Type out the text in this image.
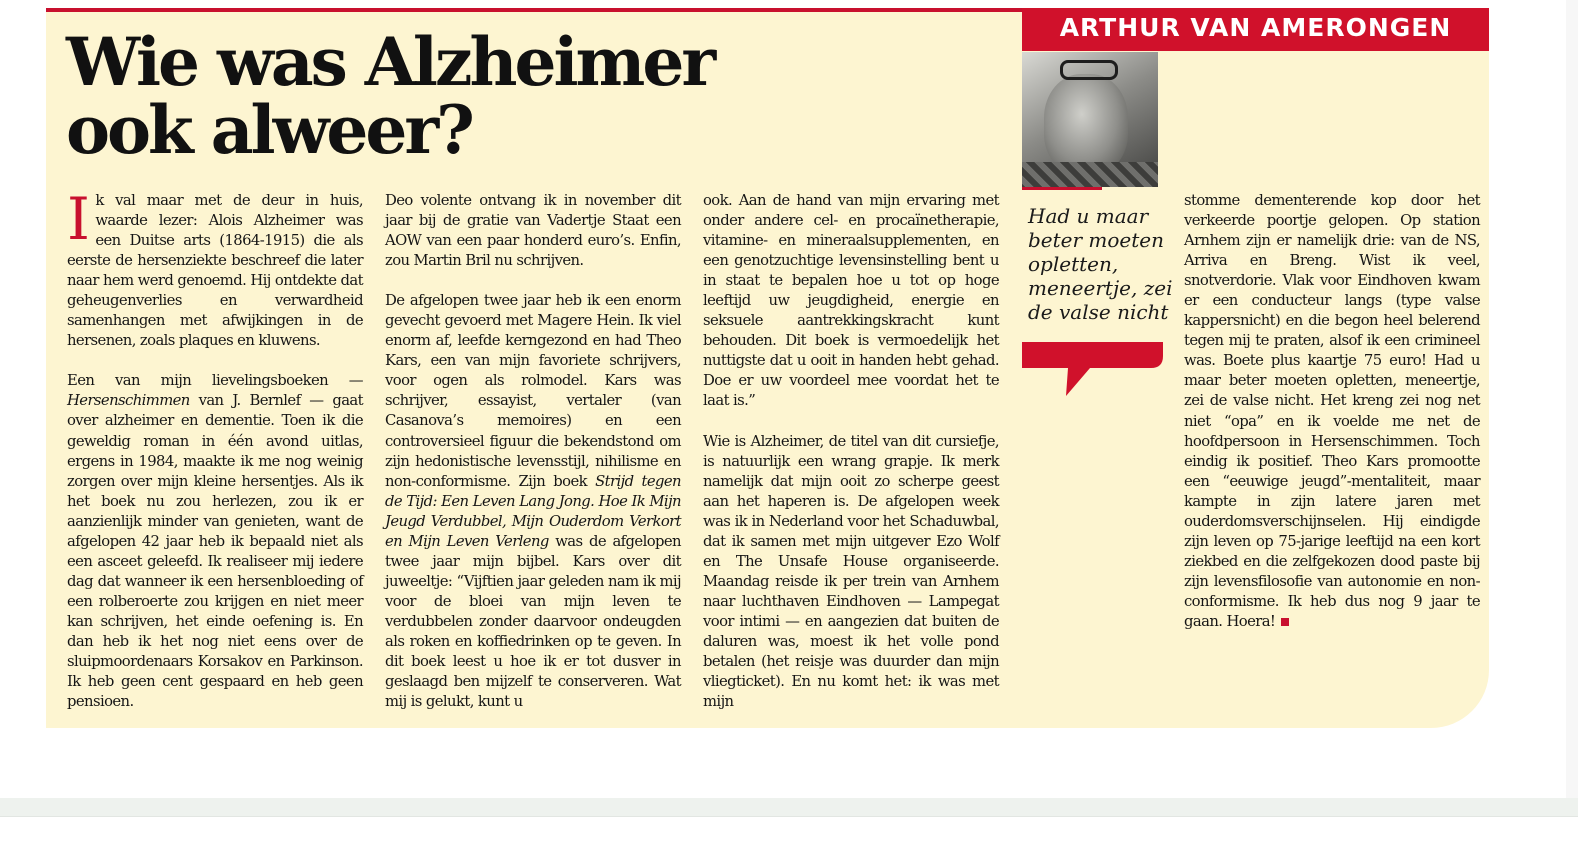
Wie was Alzheimer ook alweer?
ARTHUR VAN AMERONGEN

Had u maar beter moeten opletten, meneertje, zei de valse nicht

Ik val maar met de deur in huis, waarde lezer: Alois Alzheimer was een Duitse arts (1864-1915) die als eerste de hersenziekte beschreef die later naar hem werd genoemd. Hij ontdekte dat geheugenverlies en verwardheid samenhangen met afwijkingen in de hersenen, zoals plaques en kluwens.

Een van mijn lievelingsboeken — Hersenschimmen van J. Bernlef — gaat over alzheimer en dementie. Toen ik die geweldig roman in één avond uitlas, ergens in 1984, maakte ik me nog weinig zorgen over mijn kleine hersentjes. Als ik het boek nu zou herlezen, zou ik er aanzienlijk minder van genieten, want de afgelopen 42 jaar heb ik bepaald niet als een asceet geleefd. Ik realiseer mij iedere dag dat wanneer ik een hersenbloeding of een rolberoerte zou krijgen en niet meer kan schrijven, het einde oefening is. En dan heb ik het nog niet eens over de sluipmoordenaars Korsakov en Parkinson. Ik heb geen cent gespaard en heb geen pensioen.

Deo volente ontvang ik in november dit jaar bij de gratie van Vadertje Staat een AOW van een paar honderd euro’s. Enfin, zou Martin Bril nu schrijven.

De afgelopen twee jaar heb ik een enorm gevecht gevoerd met Magere Hein. Ik viel enorm af, leefde kerngezond en had Theo Kars, een van mijn favoriete schrijvers, voor ogen als rolmodel. Kars was schrijver, essayist, vertaler (van Casanova’s memoires) en een controversieel figuur die bekendstond om zijn hedonistische levensstijl, nihilisme en non-conformisme. Zijn boek Strijd tegen de Tijd: Een Leven Lang Jong. Hoe Ik Mijn Jeugd Verdubbel, Mijn Ouderdom Verkort en Mijn Leven Verleng was de afgelopen twee jaar mijn bijbel. Kars over dit juweeltje: “Vijftien jaar geleden nam ik mij voor de bloei van mijn leven te verdubbelen zonder daarvoor ondeugden als roken en koffiedrinken op te geven. In dit boek leest u hoe ik er tot dusver in geslaagd ben mijzelf te conserveren. Wat mij is gelukt, kunt u

ook. Aan de hand van mijn ervaring met onder andere cel- en procaïnetherapie, vitamine- en mineraalsupplementen, en een genotzuchtige levensinstelling bent u in staat te bepalen hoe u tot op hoge leeftijd uw jeugdigheid, energie en seksuele aantrekkingskracht kunt behouden. Dit boek is vermoedelijk het nuttigste dat u ooit in handen hebt gehad. Doe er uw voordeel mee voordat het te laat is.”

Wie is Alzheimer, de titel van dit cursiefje, is natuurlijk een wrang grapje. Ik merk namelijk dat mijn ooit zo scherpe geest aan het haperen is. De afgelopen week was ik in Nederland voor het Schaduwbal, dat ik samen met mijn uitgever Ezo Wolf en The Unsafe House organiseerde. Maandag reisde ik per trein van Arnhem naar luchthaven Eindhoven — Lampegat voor intimi — en aangezien dat buiten de daluren was, moest ik het volle pond betalen (het reisje was duurder dan mijn vliegticket). En nu komt het: ik was met mijn

stomme dementerende kop door het verkeerde poortje gelopen. Op station Arnhem zijn er namelijk drie: van de NS, Arriva en Breng. Wist ik veel, snotverdorie. Vlak voor Eindhoven kwam er een conducteur langs (type valse kappersnicht) en die begon heel belerend tegen mij te praten, alsof ik een crimineel was. Boete plus kaartje 75 euro! Had u maar beter moeten opletten, meneertje, zei de valse nicht. Het kreng zei nog net niet “opa” en ik voelde me net de hoofdpersoon in Hersenschimmen. Toch eindig ik positief. Theo Kars promootte een “eeuwige jeugd”-mentaliteit, maar kampte in zijn latere jaren met ouderdomsverschijnselen. Hij eindigde zijn leven op 75-jarige leeftijd na een kort ziekbed en die zelfgekozen dood paste bij zijn levensfilosofie van autonomie en non-conformisme. Ik heb dus nog 9 jaar te gaan. Hoera!
